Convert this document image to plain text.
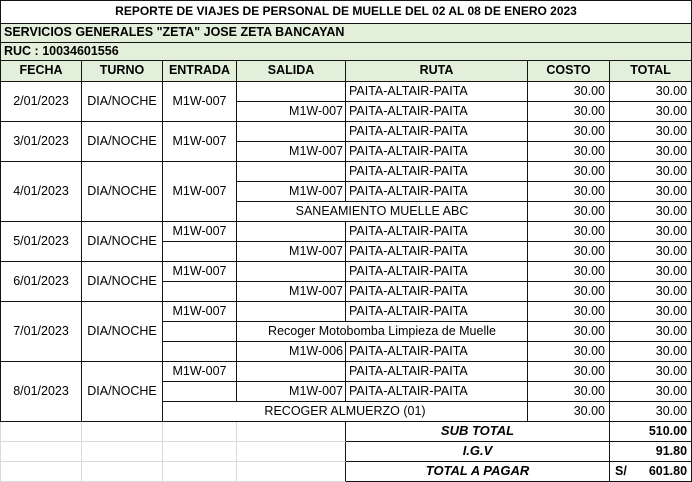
REPORTE DE VIAJES DE PERSONAL DE MUELLE DEL 02 AL 08 DE ENERO 2023						
SERVICIOS GENERALES "ZETA" JOSE ZETA BANCAYAN						
RUC : 10034601556						
FECHA	TURNO	ENTRADA	SALIDA	RUTA	COSTO	TOTAL
2/01/2023	DIA/NOCHE	M1W-007		PAITA-ALTAIR-PAITA	30.00	30.00
			M1W-007	PAITA-ALTAIR-PAITA	30.00	30.00
3/01/2023	DIA/NOCHE	M1W-007		PAITA-ALTAIR-PAITA	30.00	30.00
			M1W-007	PAITA-ALTAIR-PAITA	30.00	30.00
4/01/2023	DIA/NOCHE	M1W-007		PAITA-ALTAIR-PAITA	30.00	30.00
			M1W-007	PAITA-ALTAIR-PAITA	30.00	30.00
			SANEAMIENTO MUELLE ABC		30.00	30.00
5/01/2023	DIA/NOCHE	M1W-007		PAITA-ALTAIR-PAITA	30.00	30.00
			M1W-007	PAITA-ALTAIR-PAITA	30.00	30.00
6/01/2023	DIA/NOCHE	M1W-007		PAITA-ALTAIR-PAITA	30.00	30.00
			M1W-007	PAITA-ALTAIR-PAITA	30.00	30.00
7/01/2023	DIA/NOCHE	M1W-007		PAITA-ALTAIR-PAITA	30.00	30.00
			Recoger Motobomba Limpieza de Muelle		30.00	30.00
			M1W-006	PAITA-ALTAIR-PAITA	30.00	30.00
8/01/2023	DIA/NOCHE	M1W-007		PAITA-ALTAIR-PAITA	30.00	30.00
			M1W-007	PAITA-ALTAIR-PAITA	30.00	30.00
		RECOGER ALMUERZO (01)			30.00	30.00
				SUB TOTAL		510.00
				I.G.V		91.80
				TOTAL A PAGAR		S/ 601.80
